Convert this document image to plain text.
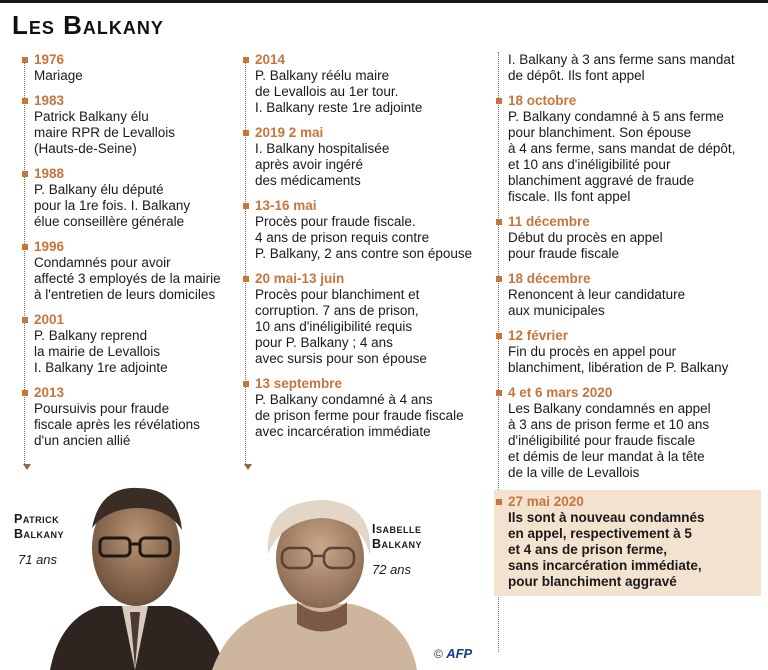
Les Balkany
1976
Mariage
1983
Patrick Balkany élu
maire RPR de Levallois
(Hauts-de-Seine)
1988
P. Balkany élu député
pour la 1re fois. I. Balkany
élue conseillère générale
1996
Condamnés pour avoir
affecté 3 employés de la mairie
à l'entretien de leurs domiciles
2001
P. Balkany reprend
la mairie de Levallois
I. Balkany 1re adjointe
2013
Poursuivis pour fraude
fiscale après les révélations
d'un ancien allié
2014
P. Balkany réélu maire
de Levallois au 1er tour.
I. Balkany reste 1re adjointe
2019 2 mai
I. Balkany hospitalisée
après avoir ingéré
des médicaments
13-16 mai
Procès pour fraude fiscale.
4 ans de prison requis contre
P. Balkany, 2 ans contre son épouse
20 mai-13 juin
Procès pour blanchiment et
corruption. 7 ans de prison,
10 ans d'inéligibilité requis
pour P. Balkany ; 4 ans
avec sursis pour son épouse
13 septembre
P. Balkany condamné à 4 ans
de prison ferme pour fraude fiscale
avec incarcération immédiate
I. Balkany à 3 ans ferme sans mandat
de dépôt. Ils font appel
18 octobre
P. Balkany condamné à 5 ans ferme
pour blanchiment. Son épouse
à 4 ans ferme, sans mandat de dépôt,
et 10 ans d'inéligibilité pour
blanchiment aggravé de fraude
fiscale. Ils font appel
11 décembre
Début du procès en appel
pour fraude fiscale
18 décembre
Renoncent à leur candidature
aux municipales
12 février
Fin du procès en appel pour
blanchiment, libération de P. Balkany
4 et 6 mars 2020
Les Balkany condamnés en appel
à 3 ans de prison ferme et 10 ans
d'inéligibilité pour fraude fiscale
et démis de leur mandat à la tête
de la ville de Levallois
27 mai 2020
Ils sont à nouveau condamnés
en appel, respectivement à 5
et 4 ans de prison ferme,
sans incarcération immédiate,
pour blanchiment aggravé
Patrick
Balkany
71 ans
Isabelle
Balkany
72 ans
© AFP
